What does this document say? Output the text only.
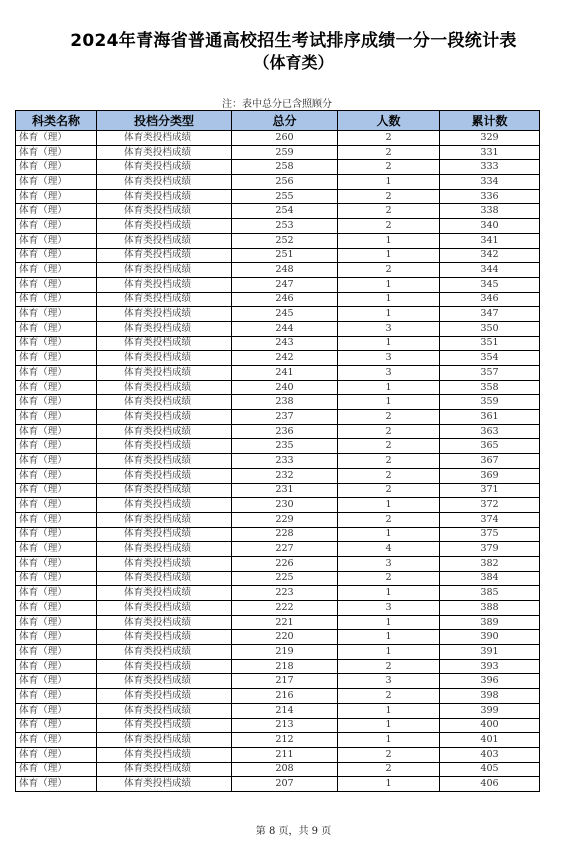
2024年青海省普通高校招生考试排序成绩一分一段统计表
（体育类）
注：表中总分已含照顾分
科类名称	投档分类型	总分	人数	累计数
体育（理）	体育类投档成绩	260	2	329
体育（理）	体育类投档成绩	259	2	331
体育（理）	体育类投档成绩	258	2	333
体育（理）	体育类投档成绩	256	1	334
体育（理）	体育类投档成绩	255	2	336
体育（理）	体育类投档成绩	254	2	338
体育（理）	体育类投档成绩	253	2	340
体育（理）	体育类投档成绩	252	1	341
体育（理）	体育类投档成绩	251	1	342
体育（理）	体育类投档成绩	248	2	344
体育（理）	体育类投档成绩	247	1	345
体育（理）	体育类投档成绩	246	1	346
体育（理）	体育类投档成绩	245	1	347
体育（理）	体育类投档成绩	244	3	350
体育（理）	体育类投档成绩	243	1	351
体育（理）	体育类投档成绩	242	3	354
体育（理）	体育类投档成绩	241	3	357
体育（理）	体育类投档成绩	240	1	358
体育（理）	体育类投档成绩	238	1	359
体育（理）	体育类投档成绩	237	2	361
体育（理）	体育类投档成绩	236	2	363
体育（理）	体育类投档成绩	235	2	365
体育（理）	体育类投档成绩	233	2	367
体育（理）	体育类投档成绩	232	2	369
体育（理）	体育类投档成绩	231	2	371
体育（理）	体育类投档成绩	230	1	372
体育（理）	体育类投档成绩	229	2	374
体育（理）	体育类投档成绩	228	1	375
体育（理）	体育类投档成绩	227	4	379
体育（理）	体育类投档成绩	226	3	382
体育（理）	体育类投档成绩	225	2	384
体育（理）	体育类投档成绩	223	1	385
体育（理）	体育类投档成绩	222	3	388
体育（理）	体育类投档成绩	221	1	389
体育（理）	体育类投档成绩	220	1	390
体育（理）	体育类投档成绩	219	1	391
体育（理）	体育类投档成绩	218	2	393
体育（理）	体育类投档成绩	217	3	396
体育（理）	体育类投档成绩	216	2	398
体育（理）	体育类投档成绩	214	1	399
体育（理）	体育类投档成绩	213	1	400
体育（理）	体育类投档成绩	212	1	401
体育（理）	体育类投档成绩	211	2	403
体育（理）	体育类投档成绩	208	2	405
体育（理）	体育类投档成绩	207	1	406
第 8 页，共 9 页
